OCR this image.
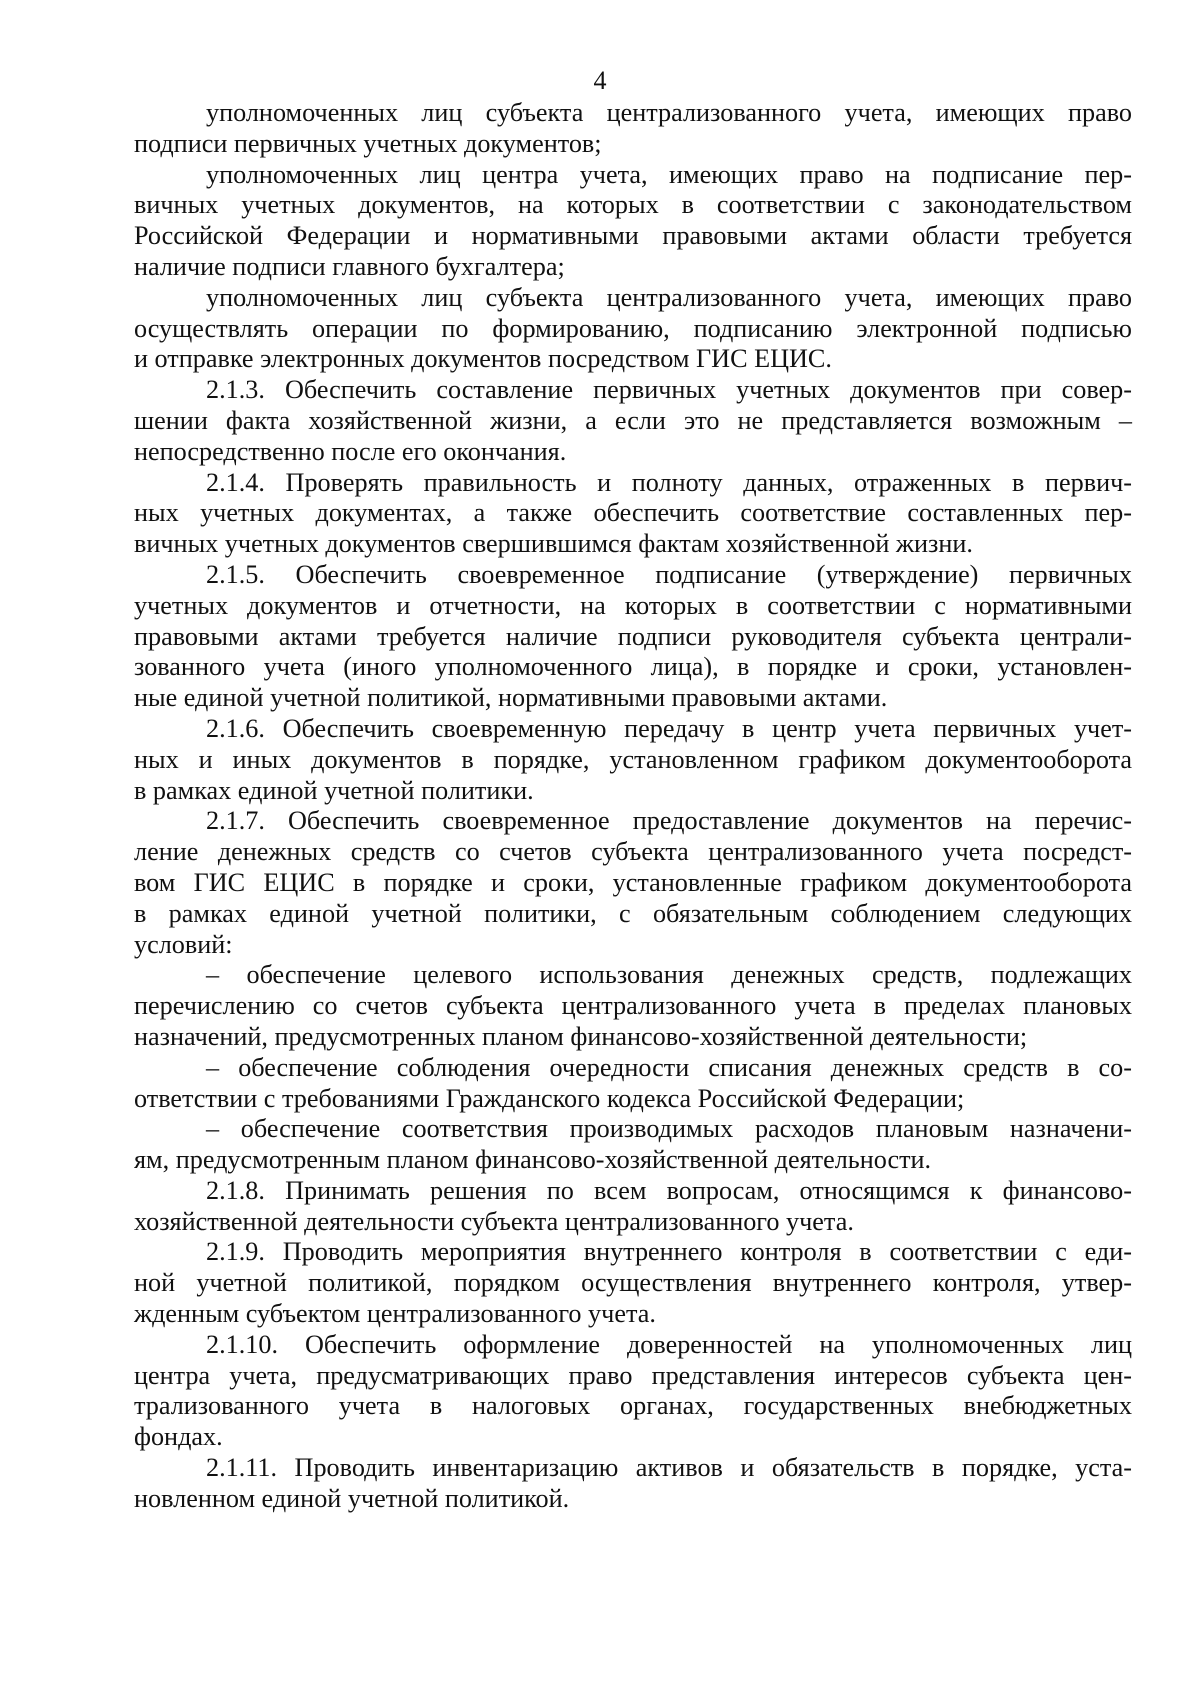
4
уполномоченных лиц субъекта централизованного учета, имеющих право
подписи первичных учетных документов;
уполномоченных лиц центра учета, имеющих право на подписание пер-
вичных учетных документов, на которых в соответствии с законодательством
Российской Федерации и нормативными правовыми актами области требуется
наличие подписи главного бухгалтера;
уполномоченных лиц субъекта централизованного учета, имеющих право
осуществлять операции по формированию, подписанию электронной подписью
и отправке электронных документов посредством ГИС ЕЦИС.
2.1.3. Обеспечить составление первичных учетных документов при совер-
шении факта хозяйственной жизни, а если это не представляется возможным –
непосредственно после его окончания.
2.1.4. Проверять правильность и полноту данных, отраженных в первич-
ных учетных документах, а также обеспечить соответствие составленных пер-
вичных учетных документов свершившимся фактам хозяйственной жизни.
2.1.5. Обеспечить своевременное подписание (утверждение) первичных
учетных документов и отчетности, на которых в соответствии с нормативными
правовыми актами требуется наличие подписи руководителя субъекта централи-
зованного учета (иного уполномоченного лица), в порядке и сроки, установлен-
ные единой учетной политикой, нормативными правовыми актами.
2.1.6. Обеспечить своевременную передачу в центр учета первичных учет-
ных и иных документов в порядке, установленном графиком документооборота
в рамках единой учетной политики.
2.1.7. Обеспечить своевременное предоставление документов на перечис-
ление денежных средств со счетов субъекта централизованного учета посредст-
вом ГИС ЕЦИС в порядке и сроки, установленные графиком документооборота
в рамках единой учетной политики, с обязательным соблюдением следующих
условий:
– обеспечение целевого использования денежных средств, подлежащих
перечислению со счетов субъекта централизованного учета в пределах плановых
назначений, предусмотренных планом финансово-хозяйственной деятельности;
– обеспечение соблюдения очередности списания денежных средств в со-
ответствии с требованиями Гражданского кодекса Российской Федерации;
– обеспечение соответствия производимых расходов плановым назначени-
ям, предусмотренным планом финансово-хозяйственной деятельности.
2.1.8. Принимать решения по всем вопросам, относящимся к финансово-
хозяйственной деятельности субъекта централизованного учета.
2.1.9. Проводить мероприятия внутреннего контроля в соответствии с еди-
ной учетной политикой, порядком осуществления внутреннего контроля, утвер-
жденным субъектом централизованного учета.
2.1.10. Обеспечить оформление доверенностей на уполномоченных лиц
центра учета, предусматривающих право представления интересов субъекта цен-
трализованного учета в налоговых органах, государственных внебюджетных
фондах.
2.1.11. Проводить инвентаризацию активов и обязательств в порядке, уста-
новленном единой учетной политикой.
